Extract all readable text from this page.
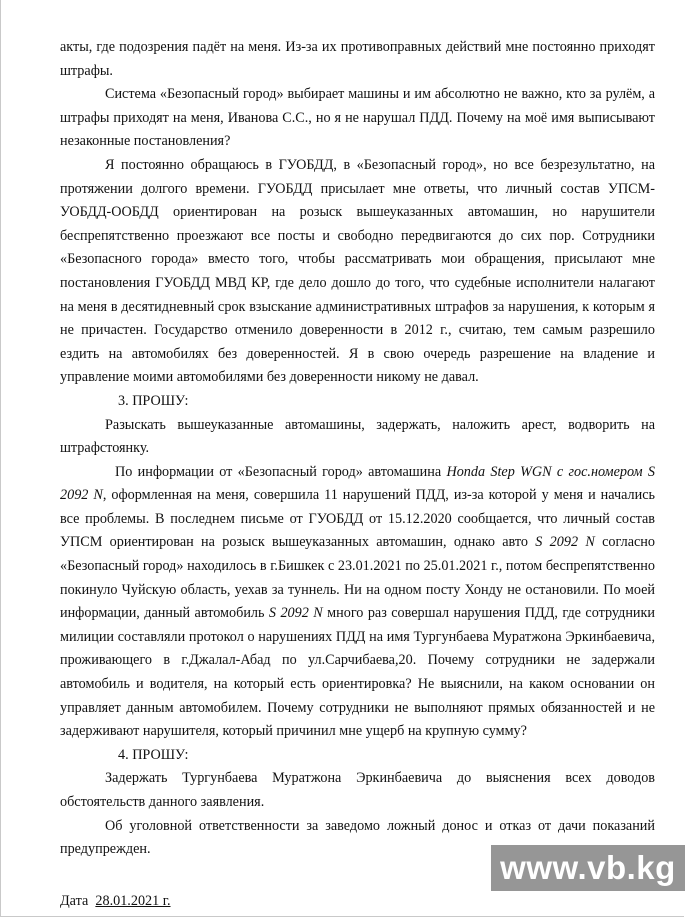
акты, где подозрения падёт на меня. Из-за их противоправных действий мне постоянно приходят штрафы.

Система «Безопасный город» выбирает машины и им абсолютно не важно, кто за рулём, а штрафы приходят на меня, Иванова С.С., но я не нарушал ПДД. Почему на моё имя выписывают незаконные постановления?

Я постоянно обращаюсь в ГУОБДД, в «Безопасный город», но все безрезультатно, на протяжении долгого времени. ГУОБДД присылает мне ответы, что личный состав УПСМ-УОБДД-ООБДД ориентирован на розыск вышеуказанных автомашин, но нарушители беспрепятственно проезжают все посты и свободно передвигаются до сих пор. Сотрудники «Безопасного города» вместо того, чтобы рассматривать мои обращения, присылают мне постановления ГУОБДД МВД КР, где дело дошло до того, что судебные исполнители налагают на меня в десятидневный срок взыскание административных штрафов за нарушения, к которым я не причастен. Государство отменило доверенности в 2012 г., считаю, тем самым разрешило ездить на автомобилях без доверенностей. Я в свою очередь разрешение на владение и управление моими автомобилями без доверенности никому не давал.

3. ПРОШУ:

Разыскать вышеуказанные автомашины, задержать, наложить арест, водворить на штрафстоянку.

По информации от «Безопасный город» автомашина Honda Step WGN с гос.номером S 2092 N, оформленная на меня, совершила 11 нарушений ПДД, из-за которой у меня и начались все проблемы. В последнем письме от ГУОБДД от 15.12.2020 сообщается, что личный состав УПСМ ориентирован на розыск вышеуказанных автомашин, однако авто S 2092 N согласно «Безопасный город» находилось в г.Бишкек с 23.01.2021 по 25.01.2021 г., потом беспрепятственно покинуло Чуйскую область, уехав за туннель. Ни на одном посту Хонду не остановили. По моей информации, данный автомобиль S 2092 N много раз совершал нарушения ПДД, где сотрудники милиции составляли протокол о нарушениях ПДД на имя Тургунбаева Муратжона Эркинбаевича, проживающего в г.Джалал-Абад по ул.Сарчибаева,20. Почему сотрудники не задержали автомобиль и водителя, на который есть ориентировка? Не выяснили, на каком основании он управляет данным автомобилем. Почему сотрудники не выполняют прямых обязанностей и не задерживают нарушителя, который причинил мне ущерб на крупную сумму?

4. ПРОШУ:

Задержать Тургунбаева Муратжона Эркинбаевича до выяснения всех доводов обстоятельств данного заявления.

Об уголовной ответственности за заведомо ложный донос и отказ от дачи показаний предупрежден.

Дата 28.01.2021 г.
www.vb.kg
